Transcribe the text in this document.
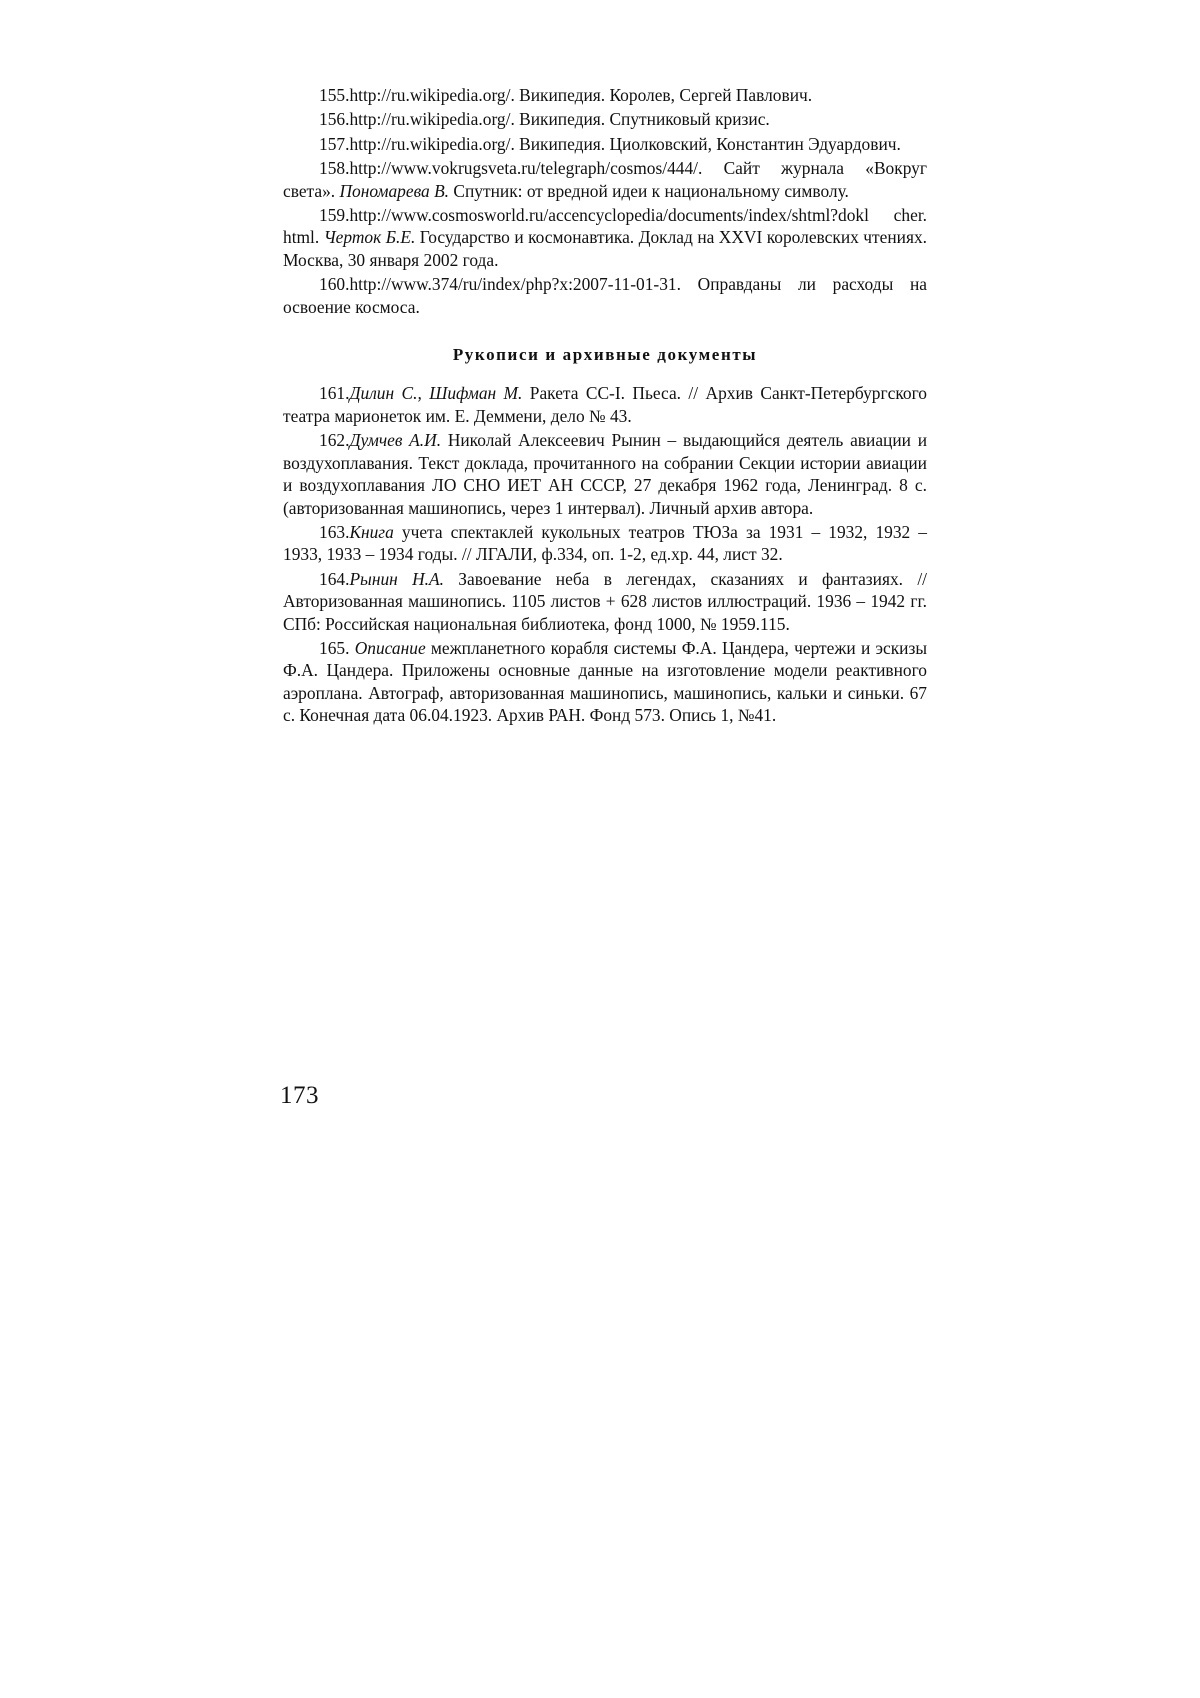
155.http://ru.wikipedia.org/. Википедия. Королев, Сергей Павлович.

156.http://ru.wikipedia.org/. Википедия. Спутниковый кризис.

157.http://ru.wikipedia.org/. Википедия. Циолковский, Константин Эдуардович.

158.http://www.vokrugsveta.ru/telegraph/cosmos/444/. Сайт журнала «Вокруг света». Пономарева В. Спутник: от вредной идеи к национальному символу.

159.http://www.cosmosworld.ru/accencyclopedia/documents/index/shtml?dokl cher. html. Черток Б.Е. Государство и космонавтика. Доклад на XXVI королевских чтениях. Москва, 30 января 2002 года.

160.http://www.374/ru/index/php?x:2007-11-01-31. Оправданы ли расходы на освоение космоса.

Рукописи и архивные документы

161.Дилин С., Шифман М. Ракета СС-I. Пьеса. // Архив Санкт-Петербургского театра марионеток им. Е. Деммени, дело № 43.

162.Думчев А.И. Николай Алексеевич Рынин – выдающийся деятель авиации и воздухоплавания. Текст доклада, прочитанного на собрании Секции истории авиации и воздухоплавания ЛО СНО ИЕТ АН СССР, 27 декабря 1962 года, Ленинград. 8 с. (авторизованная машинопись, через 1 интервал). Личный архив автора.

163.Книга учета спектаклей кукольных театров ТЮЗа за 1931 – 1932, 1932 – 1933, 1933 – 1934 годы. // ЛГАЛИ, ф.334, оп. 1-2, ед.хр. 44, лист 32.

164.Рынин Н.А. Завоевание неба в легендах, сказаниях и фантазиях. // Авторизованная машинопись. 1105 листов + 628 листов иллюстраций. 1936 – 1942 гг. СПб: Российская национальная библиотека, фонд 1000, № 1959.115.

165. Описание межпланетного корабля системы Ф.А. Цандера, чертежи и эскизы Ф.А. Цандера. Приложены основные данные на изготовление модели реактивного аэроплана. Автограф, авторизованная машинопись, машинопись, кальки и синьки. 67 с. Конечная дата 06.04.1923. Архив РАН. Фонд 573. Опись 1, №41.

173
